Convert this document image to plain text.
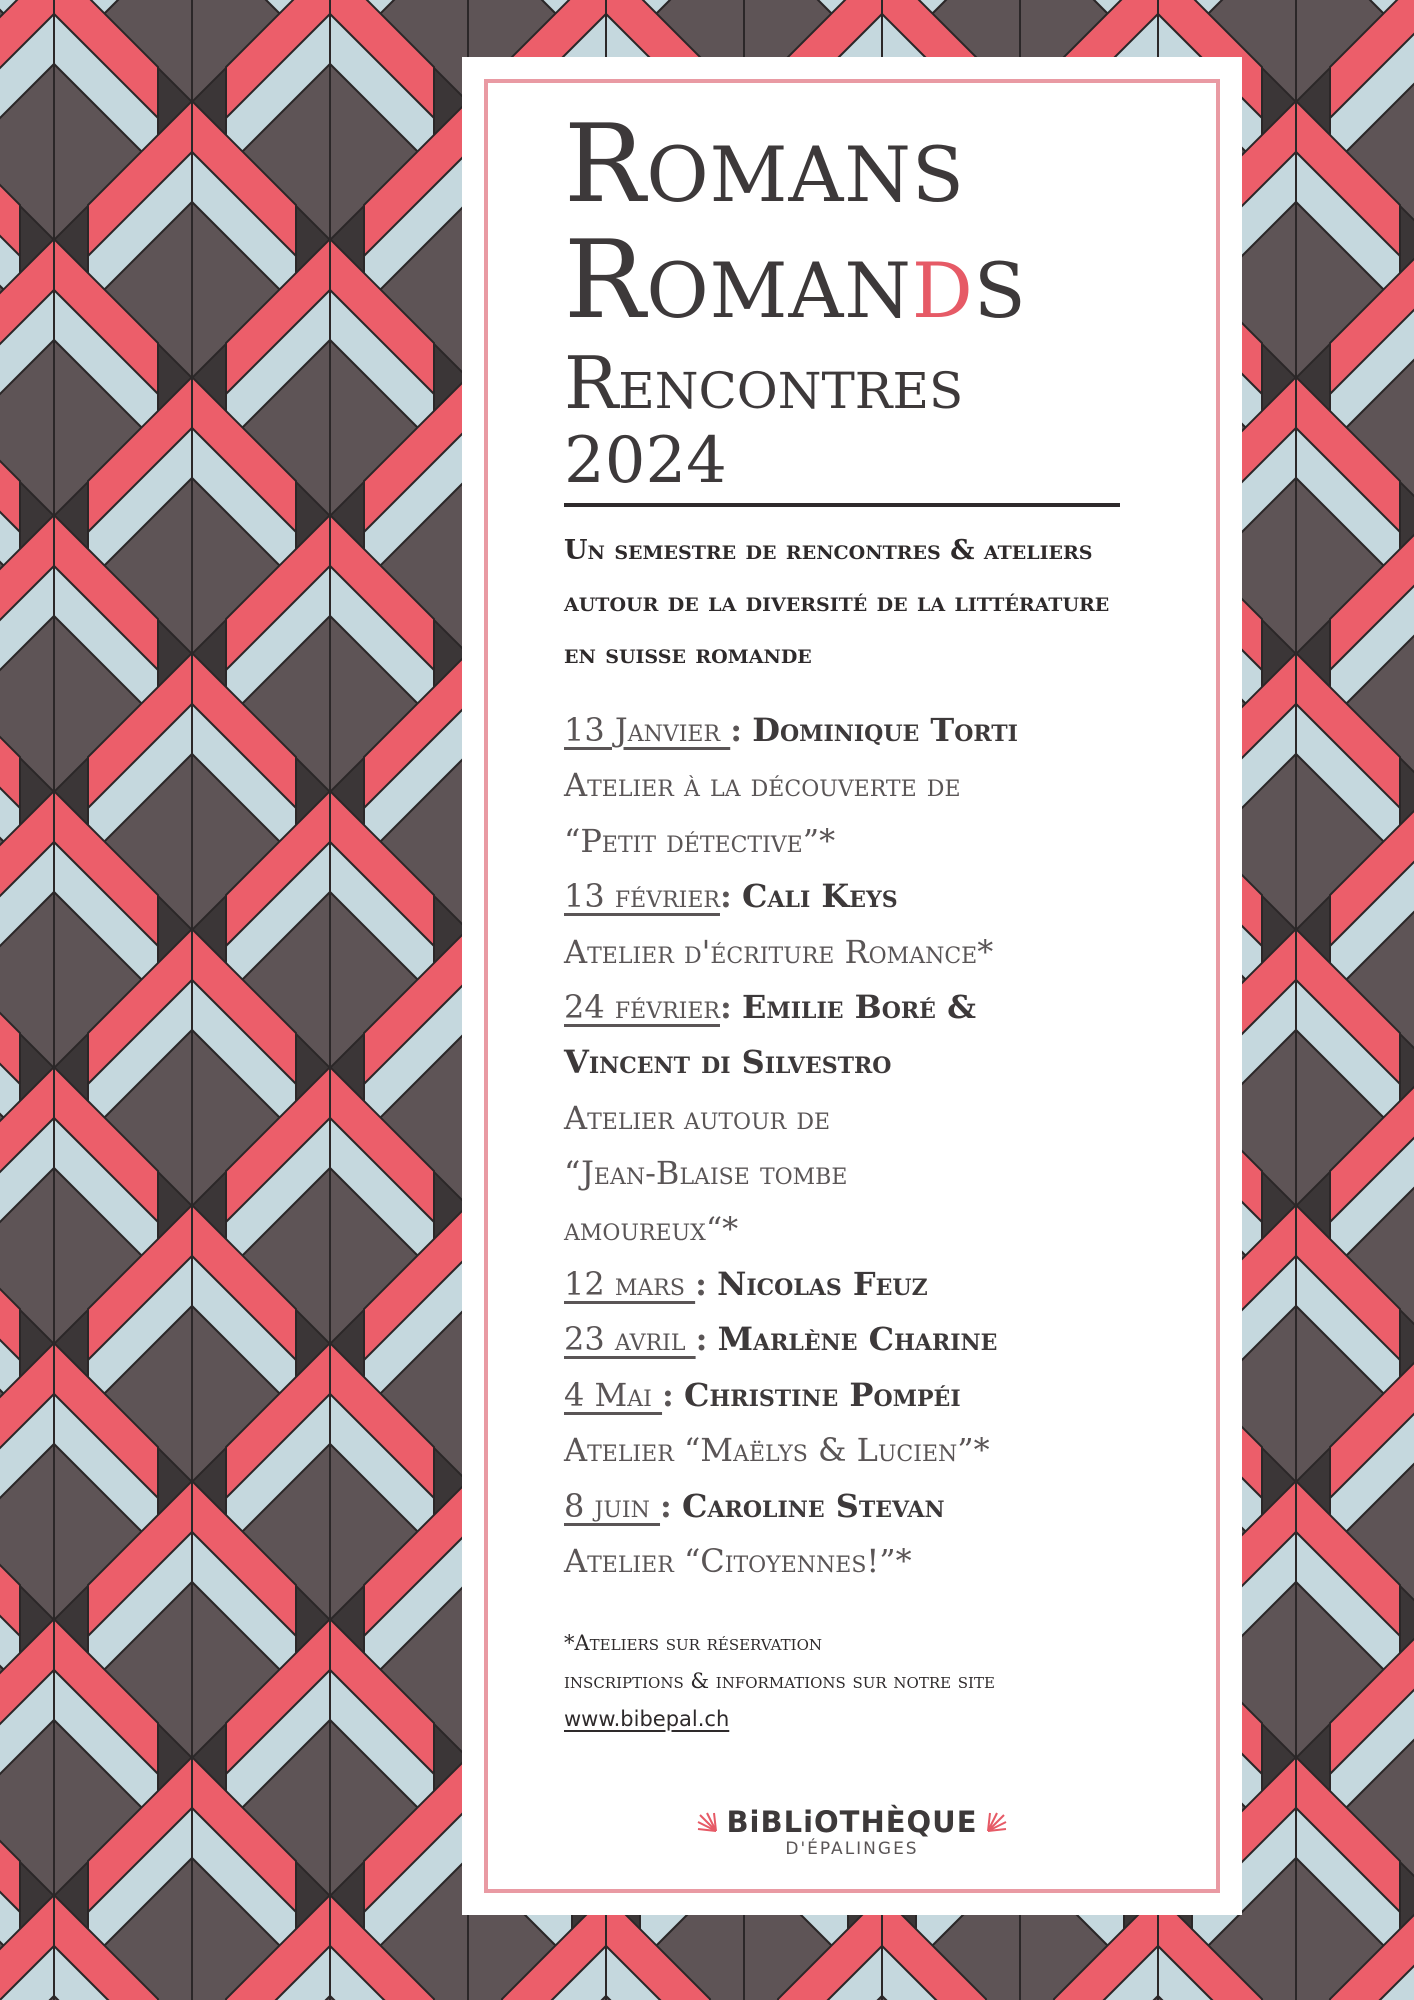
Romans
Romands
Rencontres
2024
Un semestre de rencontres & ateliers autour de la diversité de la littérature en suisse romande
13 Janvier : Dominique Torti
Atelier à la découverte de
“Petit détective”*
13 février: Cali Keys
Atelier d'écriture Romance*
24 février: Emilie Boré &
Vincent di Silvestro
Atelier autour de
“Jean-Blaise tombe
amoureux“*
12 mars : Nicolas Feuz
23 avril : Marlène Charine
4 Mai : Christine Pompéi
Atelier “Maëlys & Lucien”*
8 juin : Caroline Stevan
Atelier “Citoyennes!”*
*Ateliers sur réservation
inscriptions & informations sur notre site
www.bibepal.ch
BiBLiOTHÈQUE
D'ÉPALINGES
